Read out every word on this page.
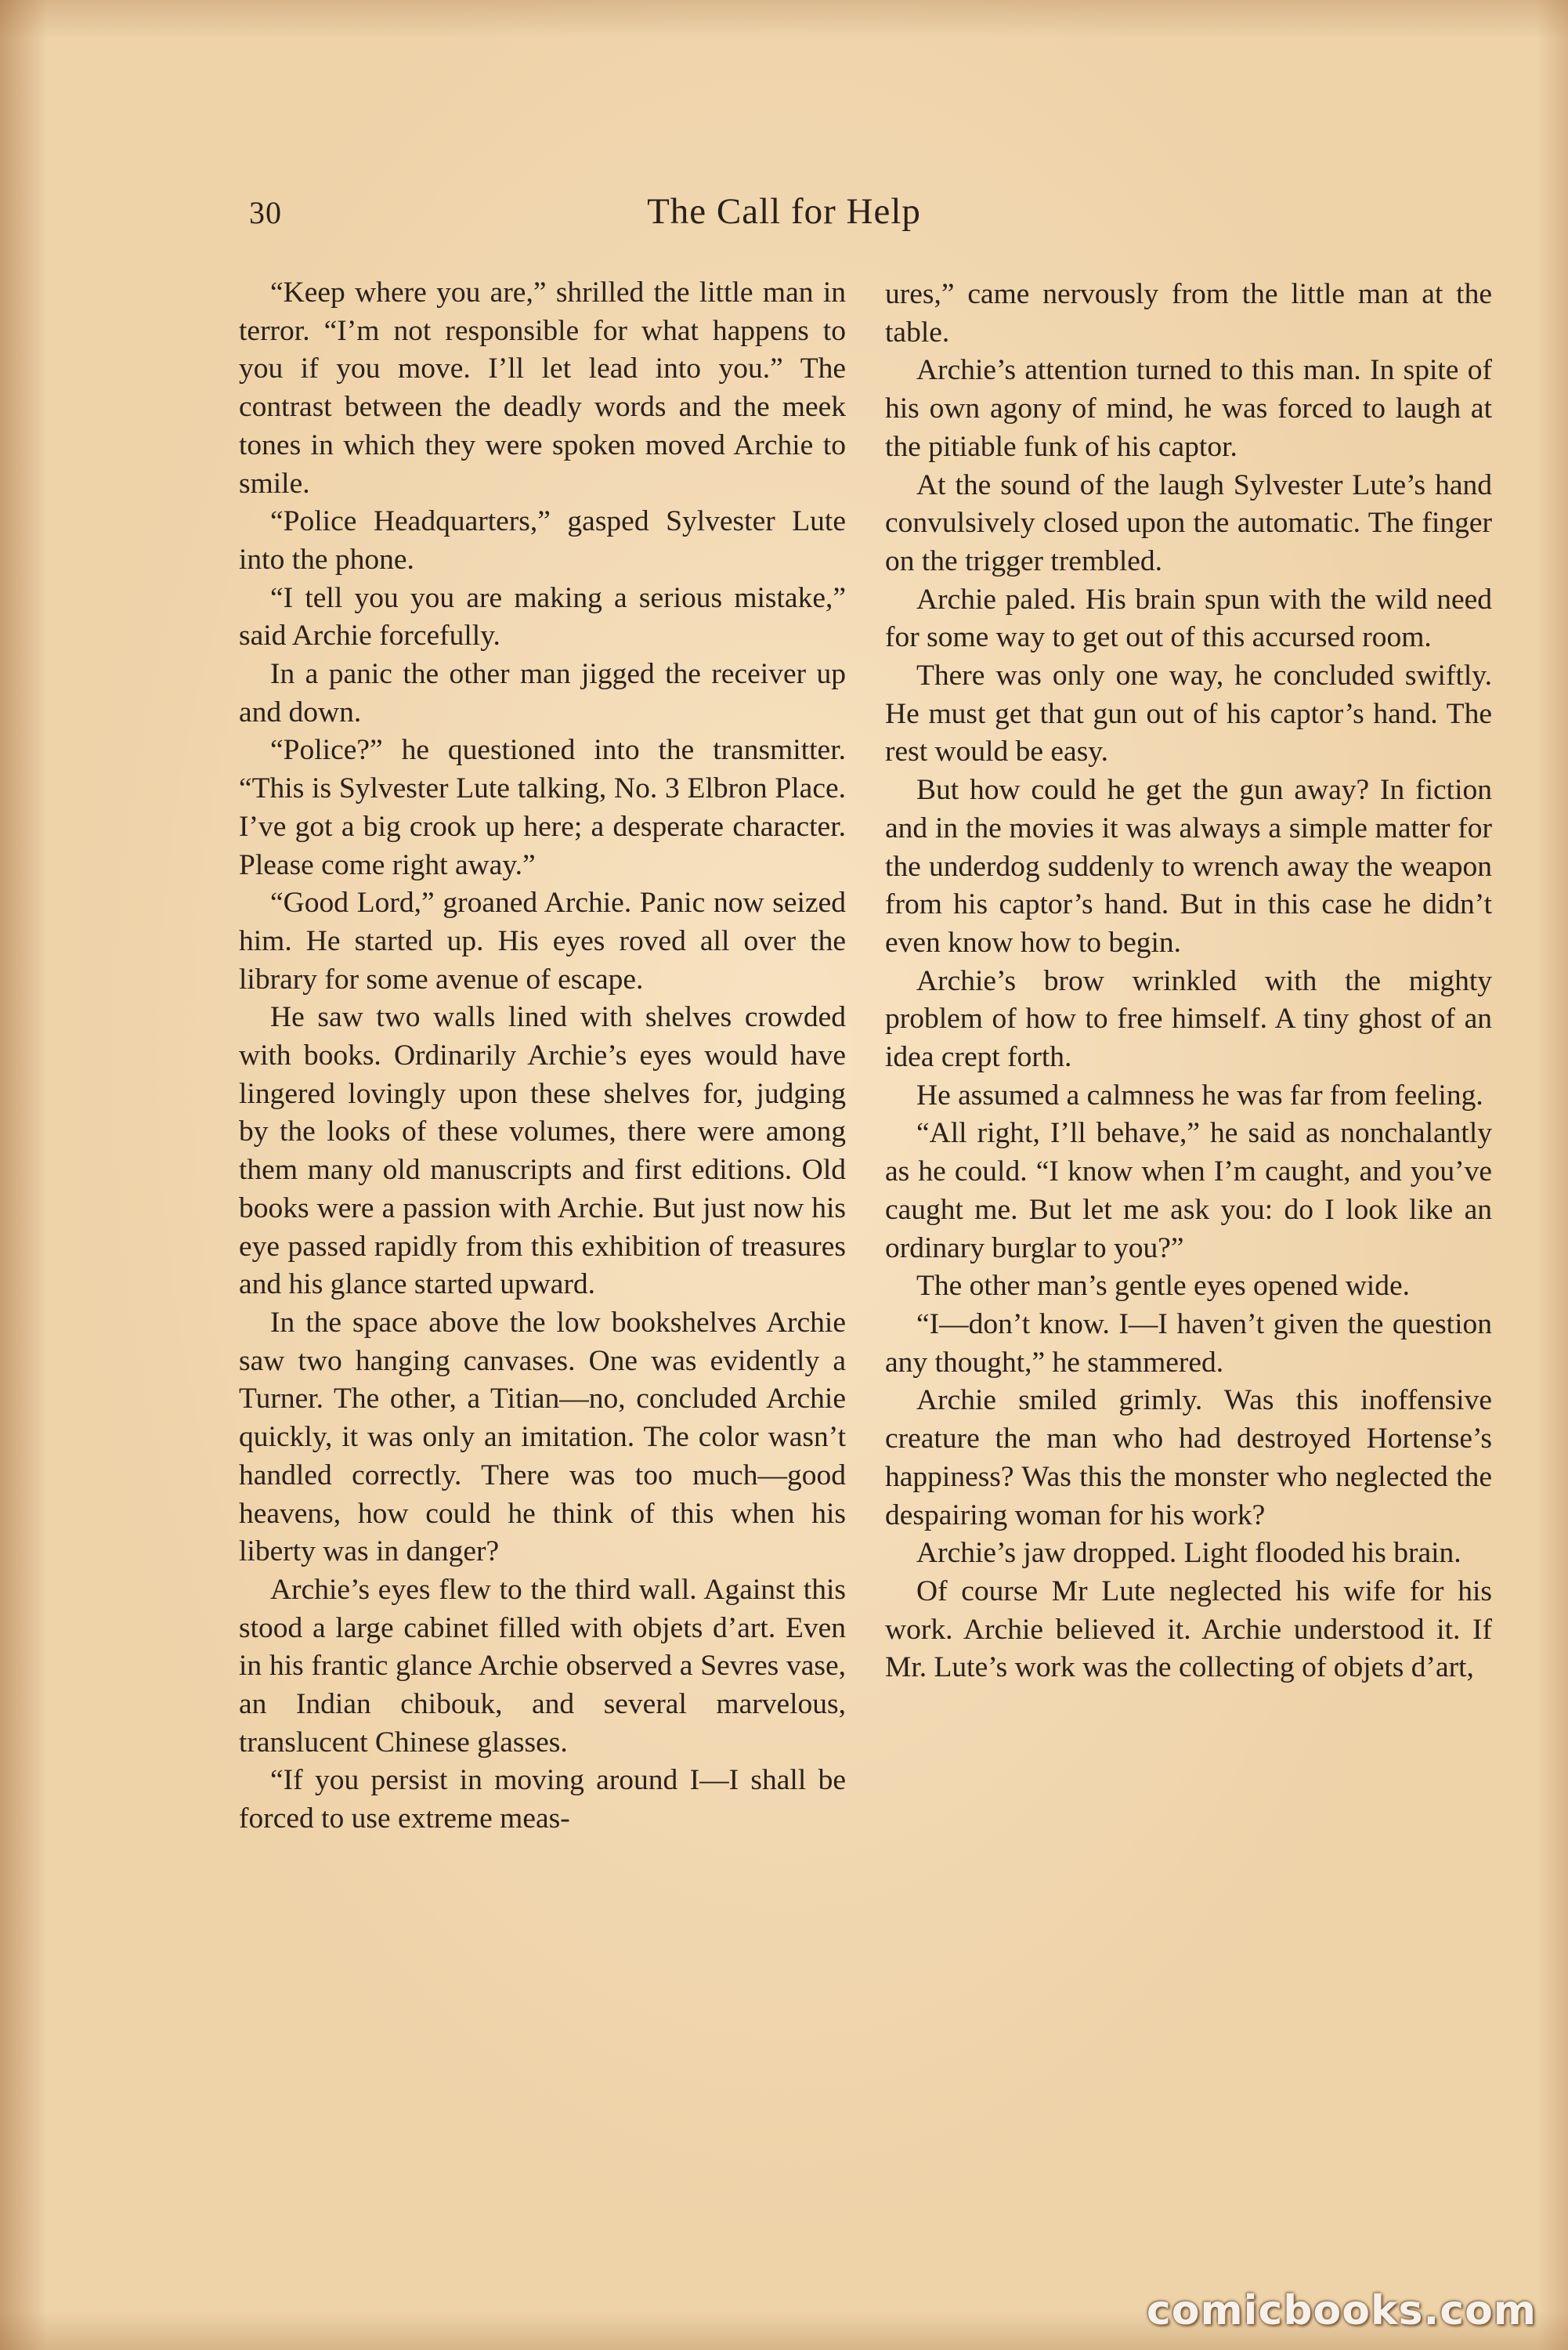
30	The Call for Help

“Keep where you are,” shrilled the little man in terror. “I’m not responsible for what happens to you if you move. I’ll let lead into you.” The contrast between the deadly words and the meek tones in which they were spoken moved Archie to smile.

“Police Headquarters,” gasped Sylvester Lute into the phone.

“I tell you you are making a serious mistake,” said Archie forcefully.

In a panic the other man jigged the receiver up and down.

“Police?” he questioned into the transmitter. “This is Sylvester Lute talking, No. 3 Elbron Place. I’ve got a big crook up here; a desperate character. Please come right away.”

“Good Lord,” groaned Archie. Panic now seized him. He started up. His eyes roved all over the library for some avenue of escape.

He saw two walls lined with shelves crowded with books. Ordinarily Archie’s eyes would have lingered lovingly upon these shelves for, judging by the looks of these volumes, there were among them many old manuscripts and first editions. Old books were a passion with Archie. But just now his eye passed rapidly from this exhibition of treasures and his glance started upward.

In the space above the low bookshelves Archie saw two hanging canvases. One was evidently a Turner. The other, a Titian—no, concluded Archie quickly, it was only an imitation. The color wasn’t handled correctly. There was too much—good heavens, how could he think of this when his liberty was in danger?

Archie’s eyes flew to the third wall. Against this stood a large cabinet filled with objets d’art. Even in his frantic glance Archie observed a Sevres vase, an Indian chibouk, and several marvelous, translucent Chinese glasses.

“If you persist in moving around I—I shall be forced to use extreme meas-

ures,” came nervously from the little man at the table.

Archie’s attention turned to this man. In spite of his own agony of mind, he was forced to laugh at the pitiable funk of his captor.

At the sound of the laugh Sylvester Lute’s hand convulsively closed upon the automatic. The finger on the trigger trembled.

Archie paled. His brain spun with the wild need for some way to get out of this accursed room.

There was only one way, he concluded swiftly. He must get that gun out of his captor’s hand. The rest would be easy.

But how could he get the gun away? In fiction and in the movies it was always a simple matter for the underdog suddenly to wrench away the weapon from his captor’s hand. But in this case he didn’t even know how to begin.

Archie’s brow wrinkled with the mighty problem of how to free himself. A tiny ghost of an idea crept forth.

He assumed a calmness he was far from feeling.

“All right, I’ll behave,” he said as nonchalantly as he could. “I know when I’m caught, and you’ve caught me. But let me ask you: do I look like an ordinary burglar to you?”

The other man’s gentle eyes opened wide.

“I—don’t know. I—I haven’t given the question any thought,” he stammered.

Archie smiled grimly. Was this inoffensive creature the man who had destroyed Hortense’s happiness? Was this the monster who neglected the despairing woman for his work?

Archie’s jaw dropped. Light flooded his brain.

Of course Mr Lute neglected his wife for his work. Archie believed it. Archie understood it. If Mr. Lute’s work was the collecting of objets d’art,

comicbooks.com
